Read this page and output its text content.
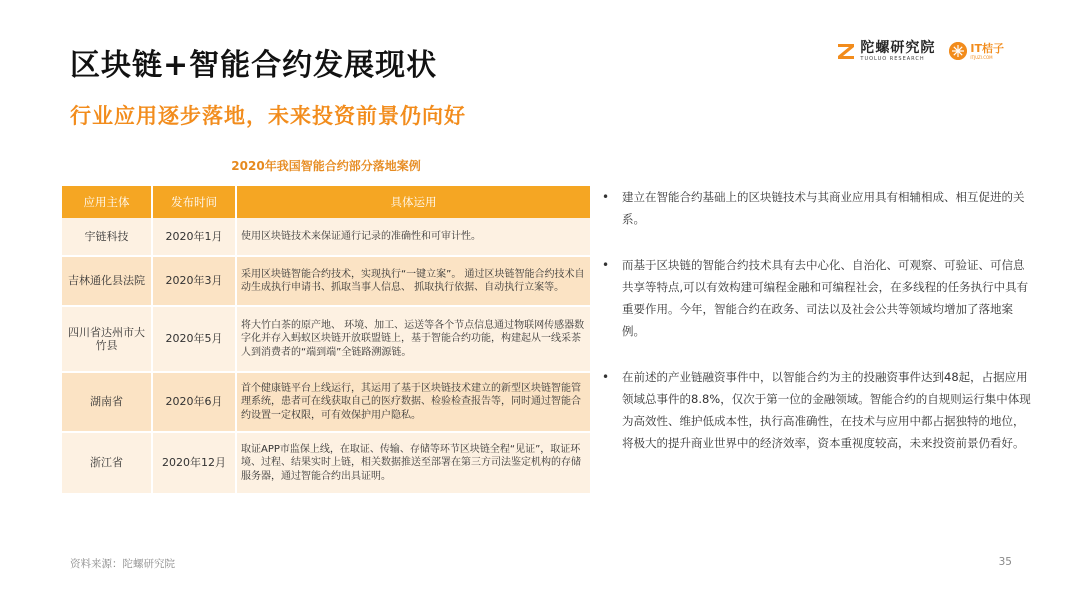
区块链+智能合约发展现状
行业应用逐步落地，未来投资前景仍向好
陀螺研究院
TUOLUO RESEARCH
IT桔子
ITJUZI.COM
2020年我国智能合约部分落地案例
应用主体	发布时间	具体运用
宇链科技	2020年1月	使用区块链技术来保证通行记录的准确性和可审计性。
吉林通化县法院	2020年3月	采用区块链智能合约技术，实现执行“一键立案”。 通过区块链智能合约技术自动生成执行申请书、抓取当事人信息、 抓取执行依据、自动执行立案等。
四川省达州市大竹县	2020年5月	将大竹白茶的原产地、 环境、加工、运送等各个节点信息通过物联网传感器数字化并存入蚂蚁区块链开放联盟链上，基于智能合约功能，构建起从一线采茶人到消费者的“端到端”全链路溯源链。
湖南省	2020年6月	首个健康链平台上线运行，其运用了基于区块链技术建立的新型区块链智能管理系统，患者可在线获取自己的医疗数据、检验检查报告等，同时通过智能合约设置一定权限，可有效保护用户隐私。
浙江省	2020年12月	取证APP市监保上线，在取证、传输、存储等环节区块链全程“见证”，取证环境、过程、结果实时上链，相关数据推送至部署在第三方司法鉴定机构的存储服务器，通过智能合约出具证明。
•	建立在智能合约基础上的区块链技术与其商业应用具有相辅相成、相互促进的关系。
•	而基于区块链的智能合约技术具有去中心化、自治化、可观察、可验证、可信息共享等特点,可以有效构建可编程金融和可编程社会，在多线程的任务执行中具有重要作用。今年，智能合约在政务、司法以及社会公共等领域均增加了落地案例。
•	在前述的产业链融资事件中，以智能合约为主的投融资事件达到48起，占据应用领域总事件的8.8%，仅次于第一位的金融领域。智能合约的自规则运行集中体现为高效性、维护低成本性，执行高准确性，在技术与应用中都占据独特的地位，将极大的提升商业世界中的经济效率，资本重视度较高，未来投资前景仍看好。
资料来源：陀螺研究院	35
